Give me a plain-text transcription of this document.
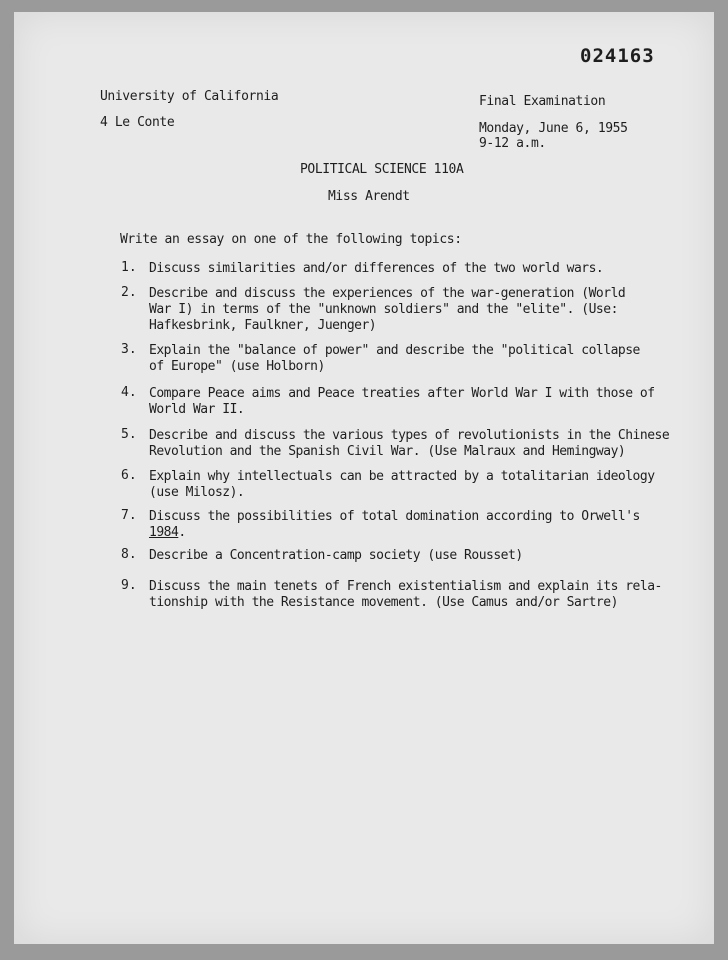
024163
University of California
4 Le Conte
Final Examination
Monday, June 6, 1955
9-12 a.m.
POLITICAL SCIENCE 110A
Miss Arendt
Write an essay on one of the following topics:
1. Discuss similarities and/or differences of the two world wars.
2. Describe and discuss the experiences of the war-generation (World
War I) in terms of the "unknown soldiers" and the "elite". (Use:
Hafkesbrink, Faulkner, Juenger)
3. Explain the "balance of power" and describe the "political collapse
of Europe" (use Holborn)
4. Compare Peace aims and Peace treaties after World War I with those of
World War II.
5. Describe and discuss the various types of revolutionists in the Chinese
Revolution and the Spanish Civil War. (Use Malraux and Hemingway)
6. Explain why intellectuals can be attracted by a totalitarian ideology
(use Milosz).
7. Discuss the possibilities of total domination according to Orwell's
1984.
8. Describe a Concentration-camp society (use Rousset)
9. Discuss the main tenets of French existentialism and explain its rela-
tionship with the Resistance movement. (Use Camus and/or Sartre)
